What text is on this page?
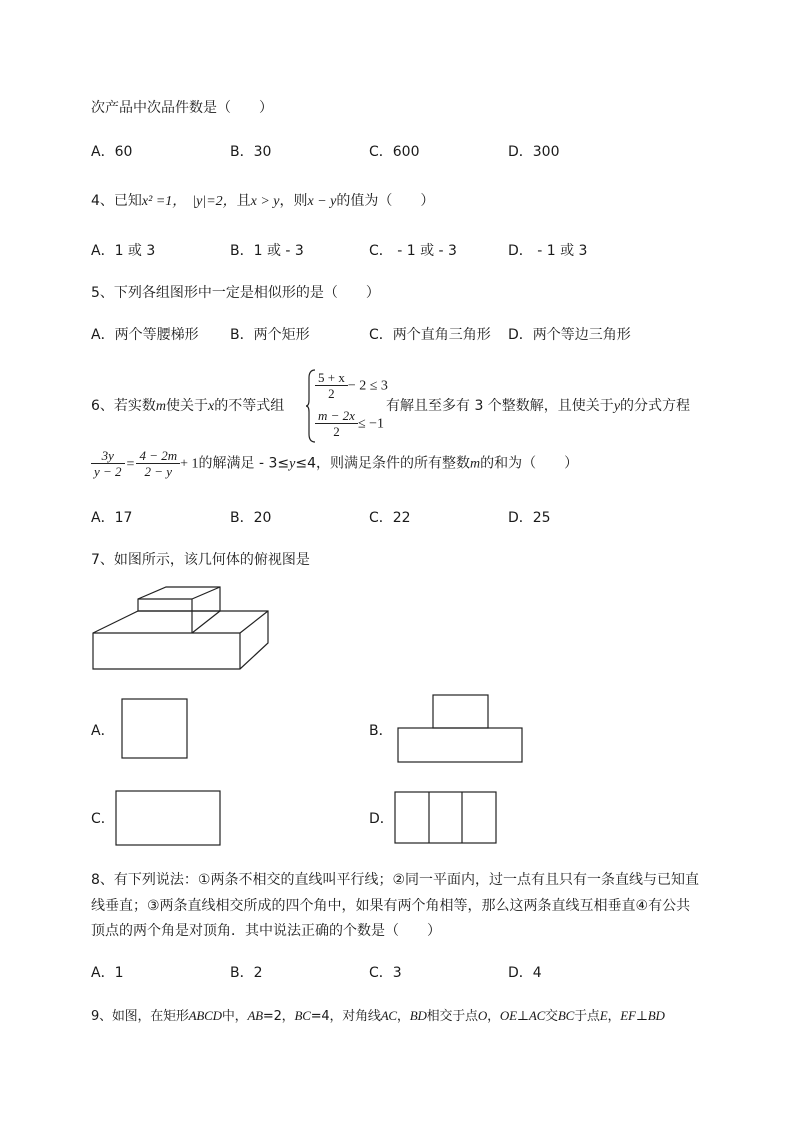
次产品中次品件数是（　　）
A．60	B．30	C．600	D．300
4、已知x² =1， |y|=2，且x > y，则x − y的值为（　　）
A．1 或 3	B．1 或 - 3	C． - 1 或 - 3	D． - 1 或 3
5、下列各组图形中一定是相似形的是（　　）
A．两个等腰梯形 B．两个矩形	C．两个直角三角形 D．两个等边三角形
6、若实数m使关于x的不等式组
$\frac{5 + x}{2} - 2 \le 3$
$\frac{m - 2x}{2} \le -1$
有解且至多有 3 个整数解，且使关于y的分式方程
$\frac{3y}{y - 2} = \frac{4 - 2m}{2 - y} + 1$的解满足 - 3≤y≤4，则满足条件的所有整数m的和为（　　）
A．17	B．20	C．22	D．25
7、如图所示，该几何体的俯视图是
A．	B．
C．	D．
8、有下列说法：①两条不相交的直线叫平行线；②同一平面内，过一点有且只有一条直线与已知直
线垂直；③两条直线相交所成的四个角中，如果有两个角相等，那么这两条直线互相垂直④有公共
顶点的两个角是对顶角．其中说法正确的个数是（　　）
A．1	B．2	C．3	D．4
9、如图，在矩形ABCD中，AB=2，BC=4，对角线AC，BD相交于点O，OE⊥AC交BC于点E，EF⊥BD
